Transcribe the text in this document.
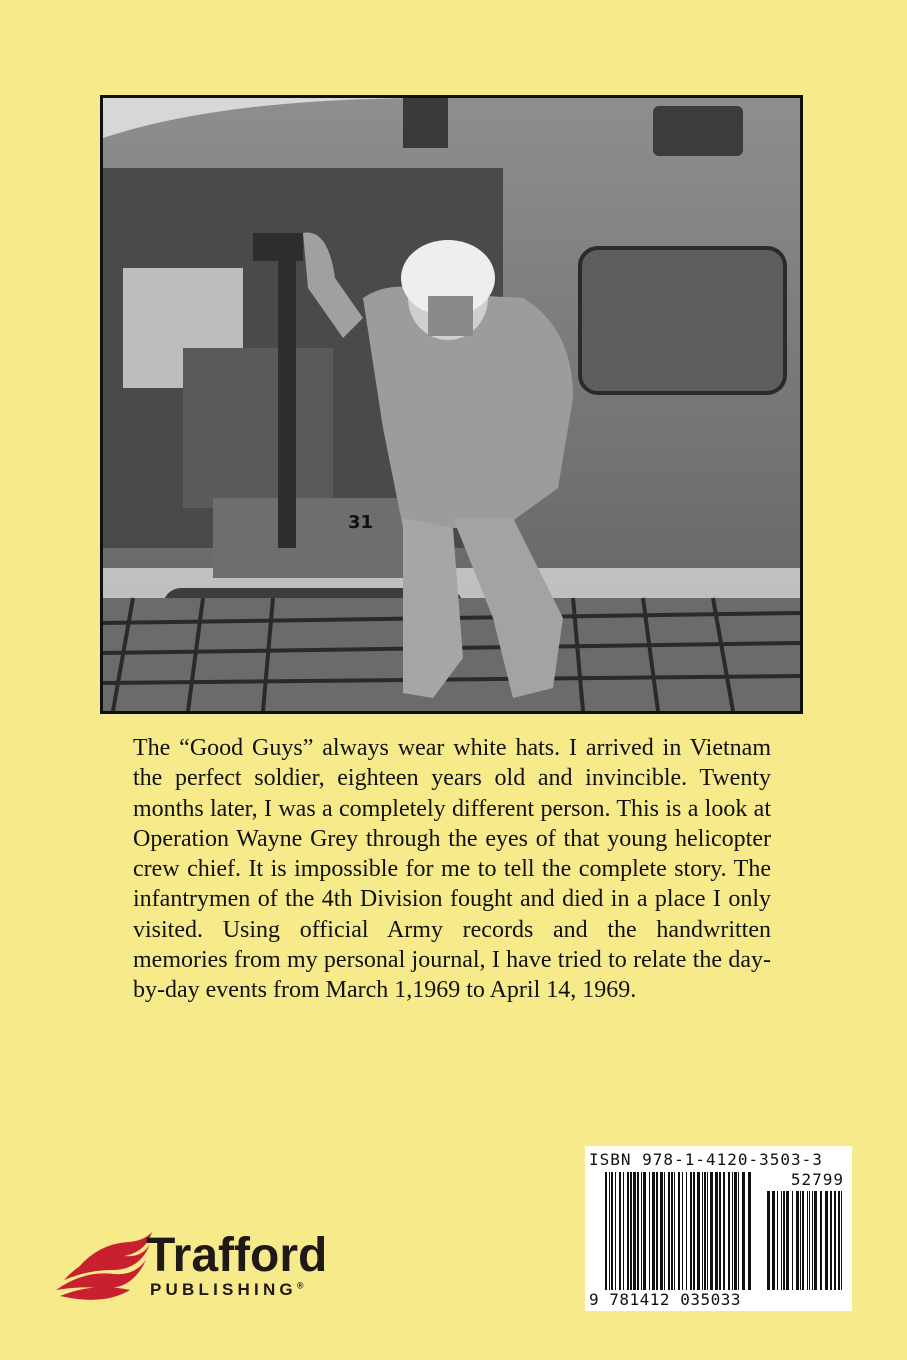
31

The “Good Guys” always wear white hats. I arrived in Vietnam the perfect soldier, eighteen years old and invincible. Twenty months later, I was a completely different person. This is a look at Operation Wayne Grey through the eyes of that young helicopter crew chief. It is impossible for me to tell the complete story. The infantrymen of the 4th Division fought and died in a place I only visited. Using official Army records and the handwritten memories from my personal journal, I have tried to relate the day-by-day events from March 1,1969 to April 14, 1969.

ISBN 978-1-4120-3503-3
52799
9 781412 035033
Trafford
PUBLISHING®
